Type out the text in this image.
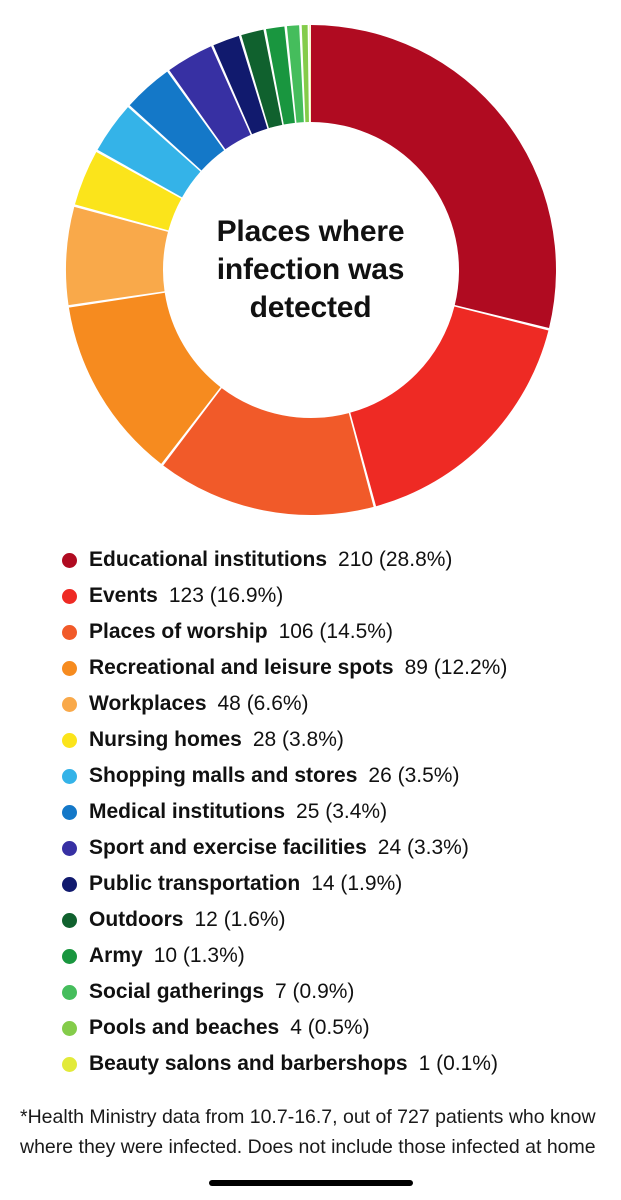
Places where infection was detected
Educational institutions 210 (28.8%)
Events 123 (16.9%)
Places of worship 106 (14.5%)
Recreational and leisure spots 89 (12.2%)
Workplaces 48 (6.6%)
Nursing homes 28 (3.8%)
Shopping malls and stores 26 (3.5%)
Medical institutions 25 (3.4%)
Sport and exercise facilities 24 (3.3%)
Public transportation 14 (1.9%)
Outdoors 12 (1.6%)
Army 10 (1.3%)
Social gatherings 7 (0.9%)
Pools and beaches 4 (0.5%)
Beauty salons and barbershops 1 (0.1%)
*Health Ministry data from 10.7-16.7, out of 727 patients who know where they were infected. Does not include those infected at home
